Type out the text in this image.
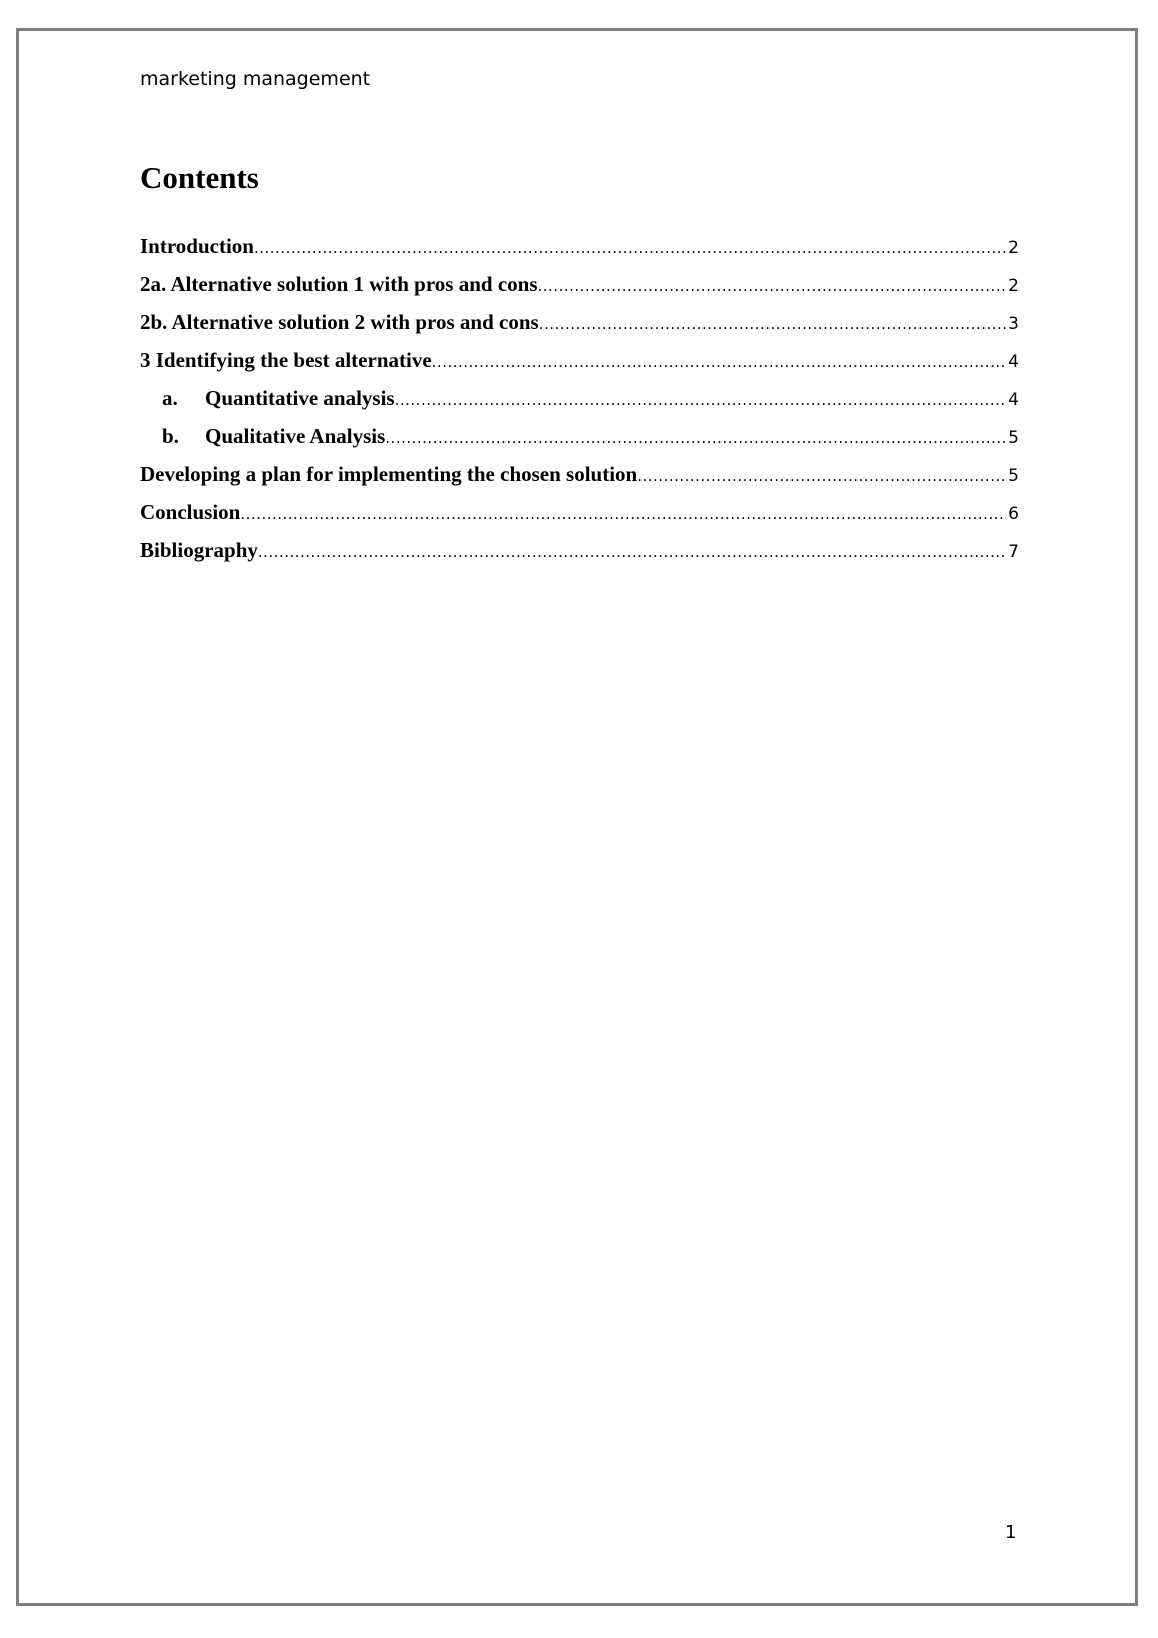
marketing management
Contents
Introduction .....	2
2a. Alternative solution 1 with pros and cons .....	2
2b. Alternative solution 2 with pros and cons .....	3
3 Identifying the best alternative .....	4
a.	Quantitative analysis .....	4
b.	Qualitative Analysis .....	5
Developing a plan for implementing the chosen solution .....	5
Conclusion .....	6
Bibliography .....	7
1
